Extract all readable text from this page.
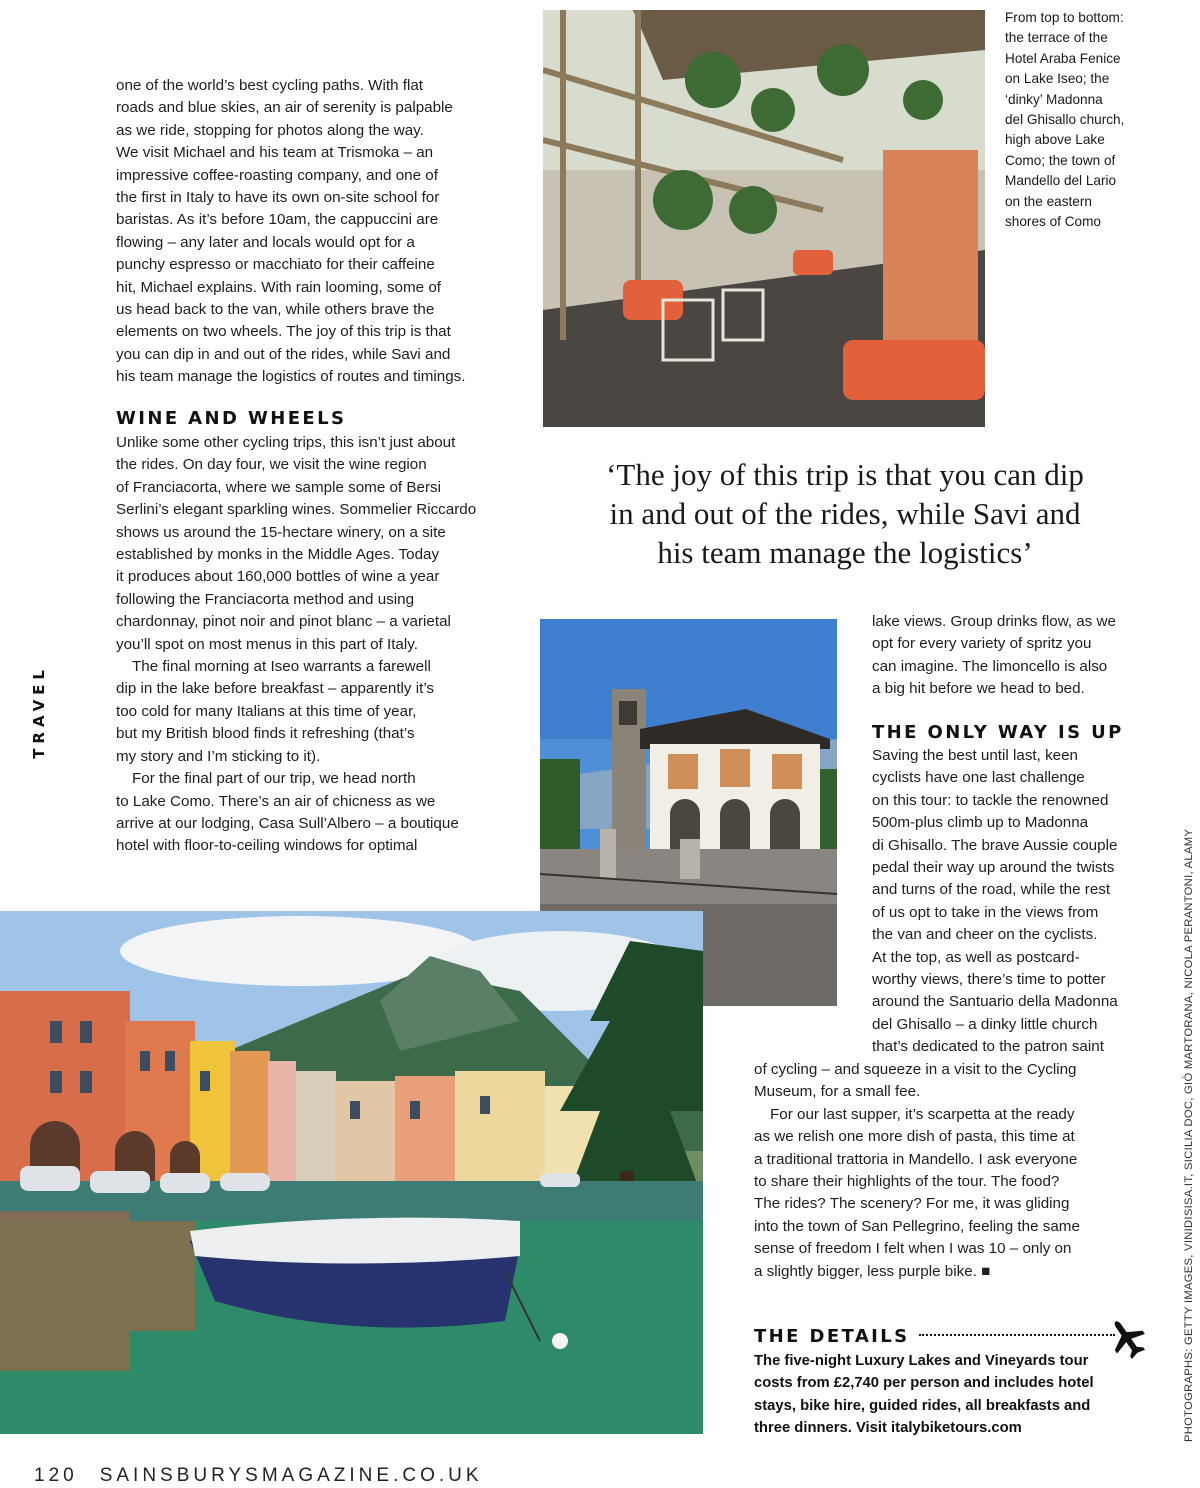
one of the world’s best cycling paths. With flat
roads and blue skies, an air of serenity is palpable
as we ride, stopping for photos along the way.
We visit Michael and his team at Trismoka – an
impressive coffee-roasting company, and one of
the first in Italy to have its own on-site school for
baristas. As it’s before 10am, the cappuccini are
flowing – any later and locals would opt for a
punchy espresso or macchiato for their caffeine
hit, Michael explains. With rain looming, some of
us head back to the van, while others brave the
elements on two wheels. The joy of this trip is that
you can dip in and out of the rides, while Savi and
his team manage the logistics of routes and timings.
WINE AND WHEELS
Unlike some other cycling trips, this isn’t just about
the rides. On day four, we visit the wine region
of Franciacorta, where we sample some of Bersi
Serlini’s elegant sparkling wines. Sommelier Riccardo
shows us around the 15-hectare winery, on a site
established by monks in the Middle Ages. Today
it produces about 160,000 bottles of wine a year
following the Franciacorta method and using
chardonnay, pinot noir and pinot blanc – a varietal
you’ll spot on most menus in this part of Italy.
The final morning at Iseo warrants a farewell
dip in the lake before breakfast – apparently it’s
too cold for many Italians at this time of year,
but my British blood finds it refreshing (that’s
my story and I’m sticking to it).
For the final part of our trip, we head north
to Lake Como. There’s an air of chicness as we
arrive at our lodging, Casa Sull’Albero – a boutique
hotel with floor-to-ceiling windows for optimal
TRAVEL
From top to bottom:
the terrace of the
Hotel Araba Fenice
on Lake Iseo; the
‘dinky’ Madonna
del Ghisallo church,
high above Lake
Como; the town of
Mandello del Lario
on the eastern
shores of Como
‘The joy of this trip is that you can dip
in and out of the rides, while Savi and
his team manage the logistics’
lake views. Group drinks flow, as we
opt for every variety of spritz you
can imagine. The limoncello is also
a big hit before we head to bed.
THE ONLY WAY IS UP
Saving the best until last, keen
cyclists have one last challenge
on this tour: to tackle the renowned
500m-plus climb up to Madonna
di Ghisallo. The brave Aussie couple
pedal their way up around the twists
and turns of the road, while the rest
of us opt to take in the views from
the van and cheer on the cyclists.
At the top, as well as postcard-
worthy views, there’s time to potter
around the Santuario della Madonna
del Ghisallo – a dinky little church
that’s dedicated to the patron saint
of cycling – and squeeze in a visit to the Cycling
Museum, for a small fee.
For our last supper, it’s scarpetta at the ready
as we relish one more dish of pasta, this time at
a traditional trattoria in Mandello. I ask everyone
to share their highlights of the tour. The food?
The rides? The scenery? For me, it was gliding
into the town of San Pellegrino, feeling the same
sense of freedom I felt when I was 10 – only on
a slightly bigger, less purple bike. ■
THE DETAILS
The five-night Luxury Lakes and Vineyards tour
costs from £2,740 per person and includes hotel
stays, bike hire, guided rides, all breakfasts and
three dinners. Visit italybiketours.com	PHOTOGRAPHS: GETTY IMAGES, VINIDISISA.IT, SICILIA DOC, GIÒ MARTORANA, NICOLA PERANTONI, ALAMY
120 SAINSBURYSMAGAZINE.CO.UK
